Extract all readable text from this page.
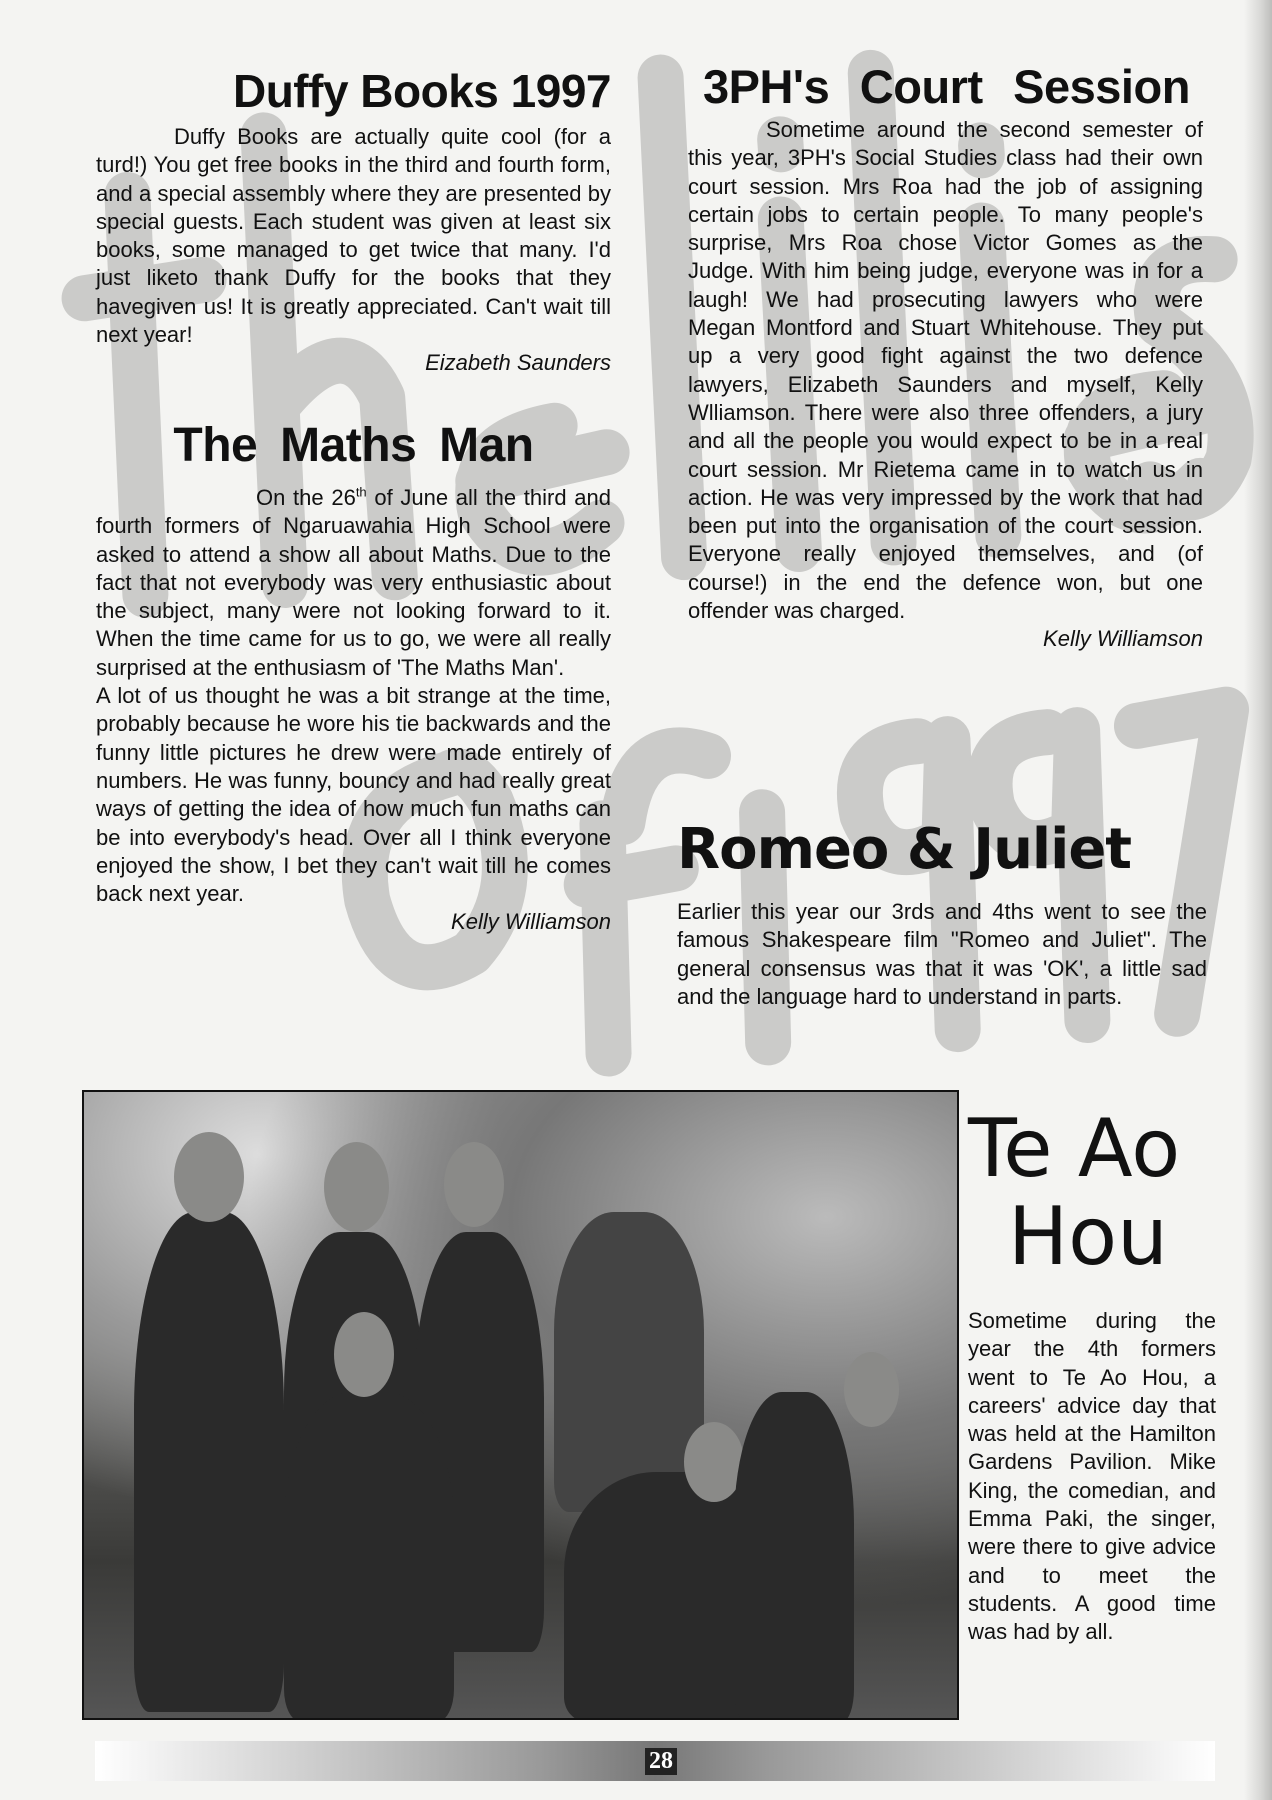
Duffy Books 1997

Duffy Books are actually quite cool (for a turd!) You get free books in the third and fourth form, and a special assembly where they are presented by special guests. Each student was given at least six books, some managed to get twice that many. I'd just liketo thank Duffy for the books that they havegiven us! It is greatly appreciated. Can't wait till next year!

Eizabeth Saunders
The Maths Man

On the 26th of June all the third and fourth formers of Ngaruawahia High School were asked to attend a show all about Maths. Due to the fact that not everybody was very enthusiastic about the subject, many were not looking forward to it. When the time came for us to go, we were all really surprised at the enthusiasm of 'The Maths Man'.

A lot of us thought he was a bit strange at the time, probably because he wore his tie backwards and the funny little pictures he drew were made entirely of numbers. He was funny, bouncy and had really great ways of getting the idea of how much fun maths can be into everybody's head. Over all I think everyone enjoyed the show, I bet they can't wait till he comes back next year.

Kelly Williamson
3PH's Court Session

Sometime around the second semester of this year, 3PH's Social Studies class had their own court session. Mrs Roa had the job of assigning certain jobs to certain people. To many people's surprise, Mrs Roa chose Victor Gomes as the Judge. With him being judge, everyone was in for a laugh! We had prosecuting lawyers who were Megan Montford and Stuart Whitehouse. They put up a very good fight against the two defence lawyers, Elizabeth Saunders and myself, Kelly Wlliamson. There were also three offenders, a jury and all the people you would expect to be in a real court session. Mr Rietema came in to watch us in action. He was very impressed by the work that had been put into the organisation of the court session. Everyone really enjoyed themselves, and (of course!) in the end the defence won, but one offender was charged.

Kelly Williamson
Romeo & Juliet

Earlier this year our 3rds and 4ths went to see the famous Shakespeare film "Romeo and Juliet". The general consensus was that it was 'OK', a little sad and the language hard to understand in parts.

Te Ao
Hou

Sometime during the year the 4th formers went to Te Ao Hou, a careers' advice day that was held at the Hamilton Gardens Pavilion. Mike King, the comedian, and Emma Paki, the singer, were there to give advice and to meet the students. A good time was had by all.

28
